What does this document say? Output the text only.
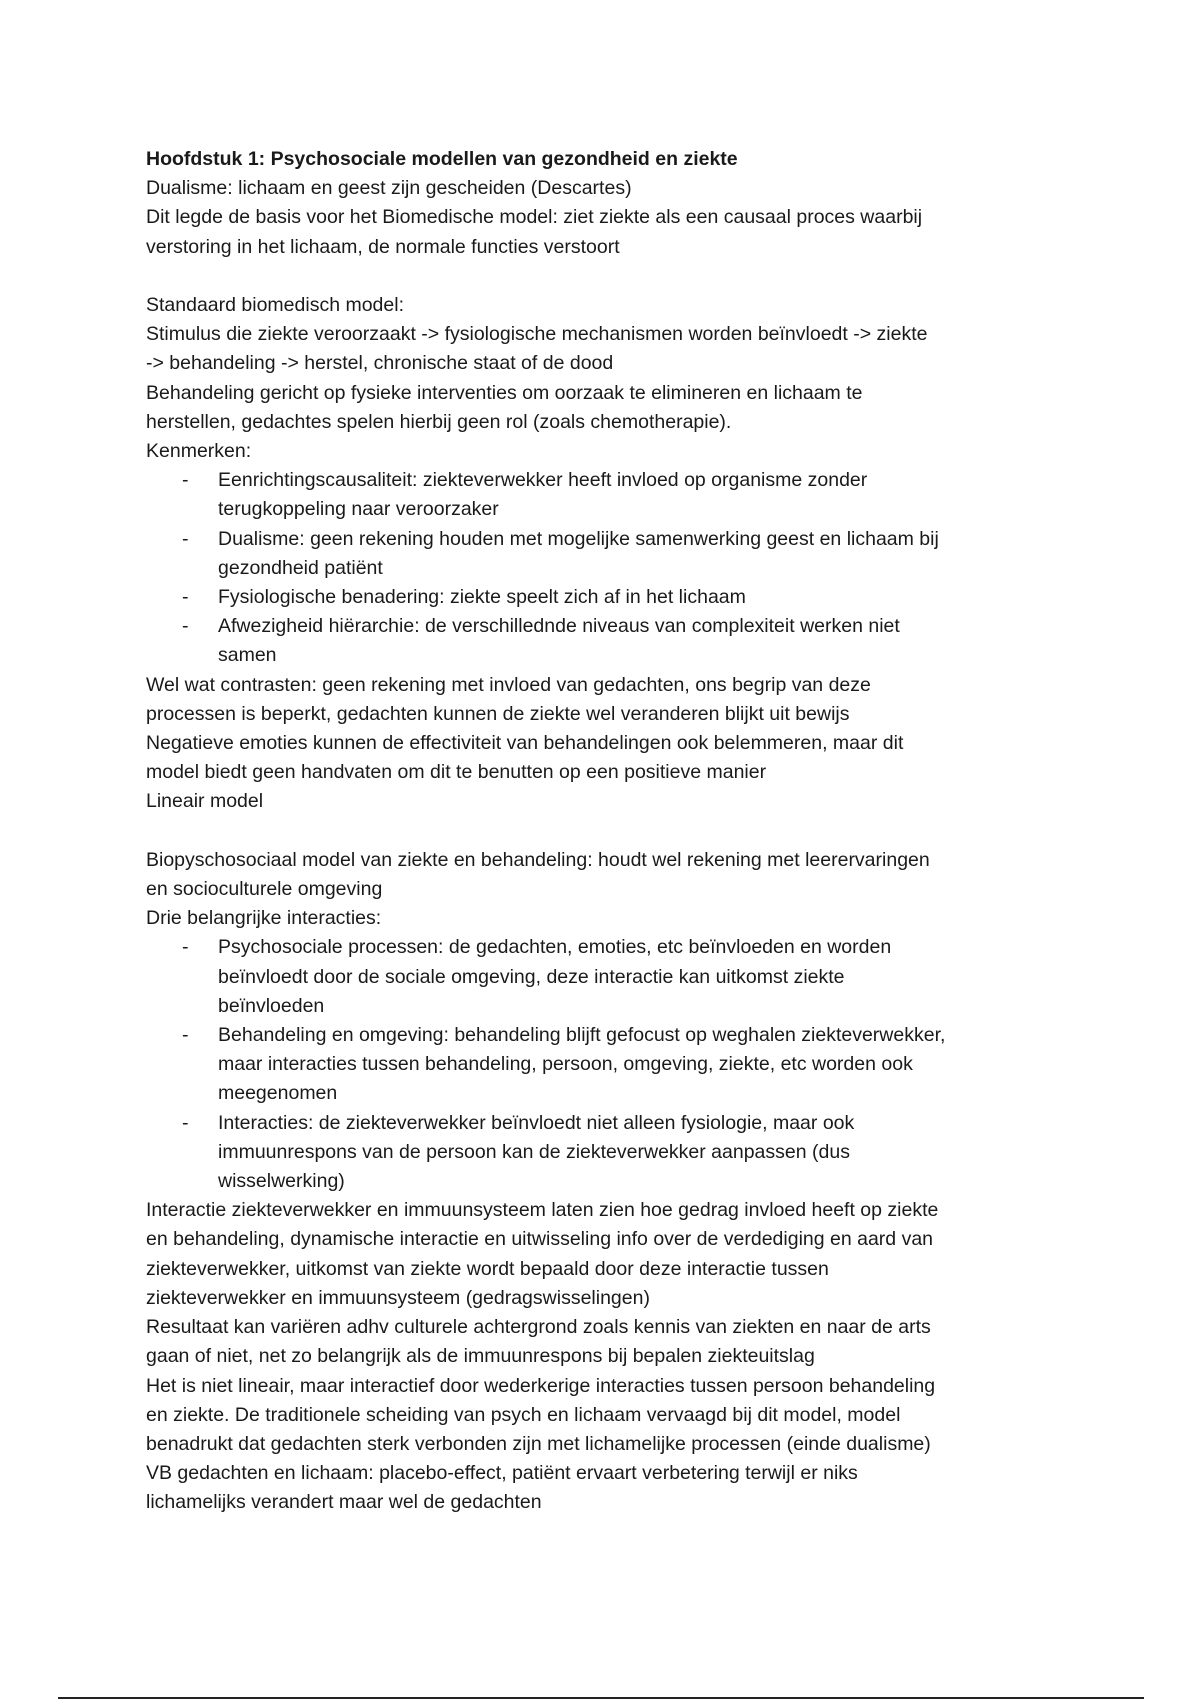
Hoofdstuk 1: Psychosociale modellen van gezondheid en ziekte

Dualisme: lichaam en geest zijn gescheiden (Descartes)

Dit legde de basis voor het Biomedische model: ziet ziekte als een causaal proces waarbij

verstoring in het lichaam, de normale functies verstoort

Standaard biomedisch model:

Stimulus die ziekte veroorzaakt -> fysiologische mechanismen worden beïnvloedt -> ziekte

-> behandeling -> herstel, chronische staat of de dood

Behandeling gericht op fysieke interventies om oorzaak te elimineren en lichaam te

herstellen, gedachtes spelen hierbij geen rol (zoals chemotherapie).

Kenmerken:

- Eenrichtingscausaliteit: ziekteverwekker heeft invloed op organisme zonder
terugkoppeling naar veroorzaker
- Dualisme: geen rekening houden met mogelijke samenwerking geest en lichaam bij
gezondheid patiënt
- Fysiologische benadering: ziekte speelt zich af in het lichaam
- Afwezigheid hiërarchie: de verschillednde niveaus van complexiteit werken niet
samen

Wel wat contrasten: geen rekening met invloed van gedachten, ons begrip van deze

processen is beperkt, gedachten kunnen de ziekte wel veranderen blijkt uit bewijs

Negatieve emoties kunnen de effectiviteit van behandelingen ook belemmeren, maar dit

model biedt geen handvaten om dit te benutten op een positieve manier

Lineair model

Biopyschosociaal model van ziekte en behandeling: houdt wel rekening met leerervaringen

en socioculturele omgeving

Drie belangrijke interacties:

- Psychosociale processen: de gedachten, emoties, etc beïnvloeden en worden
beïnvloedt door de sociale omgeving, deze interactie kan uitkomst ziekte
beïnvloeden
- Behandeling en omgeving: behandeling blijft gefocust op weghalen ziekteverwekker,
maar interacties tussen behandeling, persoon, omgeving, ziekte, etc worden ook
meegenomen
- Interacties: de ziekteverwekker beïnvloedt niet alleen fysiologie, maar ook
immuunrespons van de persoon kan de ziekteverwekker aanpassen (dus
wisselwerking)

Interactie ziekteverwekker en immuunsysteem laten zien hoe gedrag invloed heeft op ziekte

en behandeling, dynamische interactie en uitwisseling info over de verdediging en aard van

ziekteverwekker, uitkomst van ziekte wordt bepaald door deze interactie tussen

ziekteverwekker en immuunsysteem (gedragswisselingen)

Resultaat kan variëren adhv culturele achtergrond zoals kennis van ziekten en naar de arts

gaan of niet, net zo belangrijk als de immuunrespons bij bepalen ziekteuitslag

Het is niet lineair, maar interactief door wederkerige interacties tussen persoon behandeling

en ziekte. De traditionele scheiding van psych en lichaam vervaagd bij dit model, model

benadrukt dat gedachten sterk verbonden zijn met lichamelijke processen (einde dualisme)

VB gedachten en lichaam: placebo-effect, patiënt ervaart verbetering terwijl er niks

lichamelijks verandert maar wel de gedachten
